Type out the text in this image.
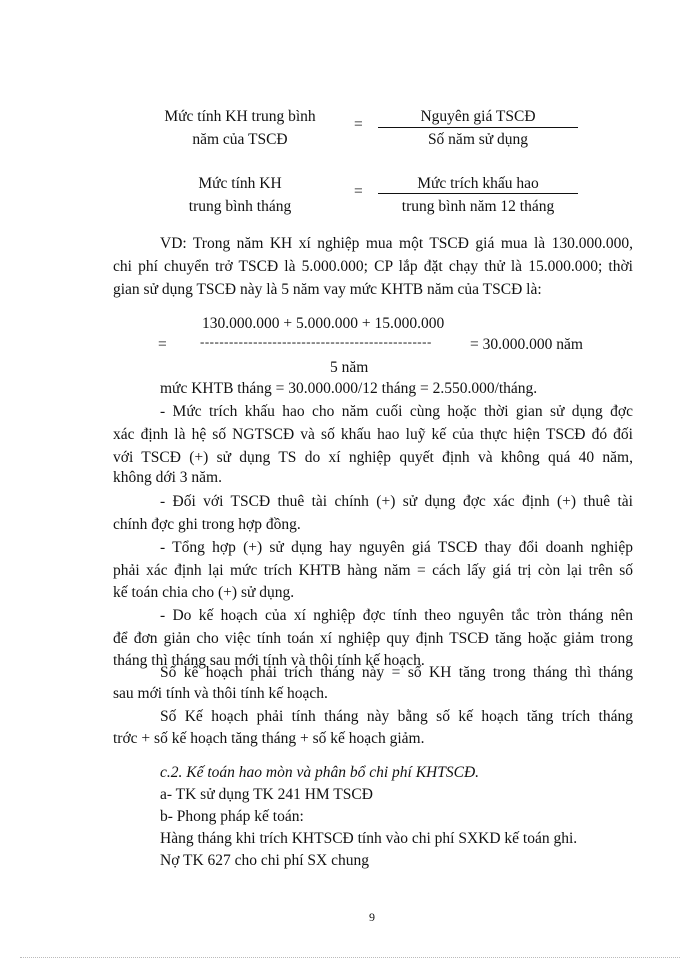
Mức tính KH trung bình
năm của TSCĐ
=	Nguyên giá TSCĐ
Số năm sử dụng
Mức tính KH
trung bình tháng
=	Mức trích khấu hao
trung bình năm 12 tháng
VD: Trong năm KH xí nghiệp mua một TSCĐ giá mua là 130.000.000,
chi phí chuyển trở TSCĐ là 5.000.000; CP lắp đặt chạy thử là 15.000.000; thời
gian sử dụng TSCĐ này là 5 năm vay mức KHTB năm của TSCĐ là:
130.000.000 + 5.000.000 + 15.000.000
=	------------------------------------------------ = 30.000.000 năm
5 năm
mức KHTB tháng = 30.000.000/12 tháng = 2.550.000/tháng.
- Mức trích khấu hao cho năm cuối cùng hoặc thời gian sử dụng đợc
xác định là hệ số NGTSCĐ và số khấu hao luỹ kế của thực hiện TSCĐ đó đối
với TSCĐ (+) sử dụng TS do xí nghiệp quyết định và không quá 40 năm,
không dới 3 năm.
- Đối với TSCĐ thuê tài chính (+) sử dụng đợc xác định (+) thuê tài
chính đợc ghi trong hợp đồng.
- Tổng hợp (+) sử dụng hay nguyên giá TSCĐ thay đổi doanh nghiệp
phải xác định lại mức trích KHTB hàng năm = cách lấy giá trị còn lại trên số
kế toán chia cho (+) sử dụng.
- Do kế hoạch của xí nghiệp đợc tính theo nguyên tắc tròn tháng nên
để đơn giản cho việc tính toán xí nghiệp quy định TSCĐ tăng hoặc giảm trong
tháng thì tháng sau mới tính và thôi tính kế hoạch.
Số kế hoạch phải trích tháng này = số KH tăng trong tháng thì tháng
sau mới tính và thôi tính kế hoạch.
Số Kế hoạch phải tính tháng này bằng số kế hoạch tăng trích tháng
trớc + số kế hoạch tăng tháng + số kế hoạch giảm.
c.2. Kế toán hao mòn và phân bổ chi phí KHTSCĐ.
a- TK sử dụng TK 241 HM TSCĐ
b- Phong pháp kế toán:
Hàng tháng khi trích KHTSCĐ tính vào chi phí SXKD kế toán ghi.
Nợ TK 627 cho chi phí SX chung
9
